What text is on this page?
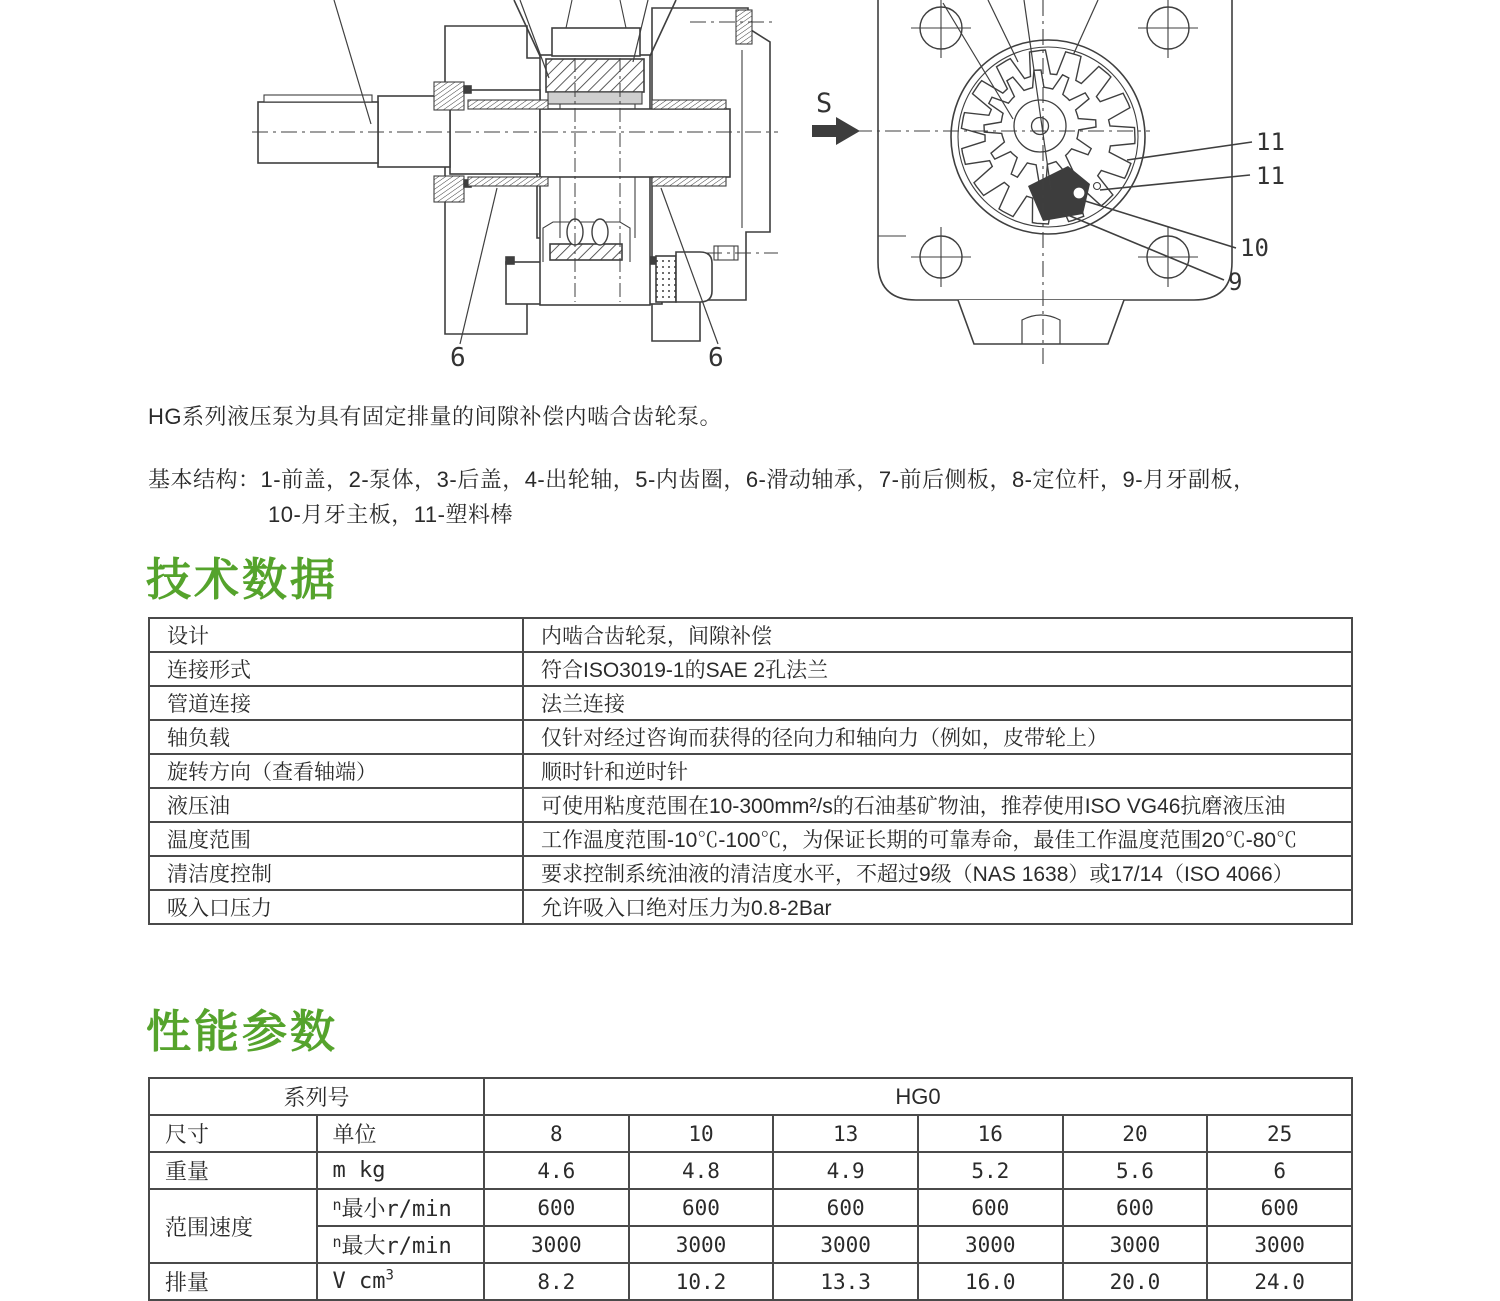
6	6
S
11
11
10
9
HG系列液压泵为具有固定排量的间隙补偿内啮合齿轮泵。
基本结构：1-前盖，2-泵体，3-后盖，4-出轮轴，5-内齿圈，6-滑动轴承，7-前后侧板，8-定位杆，9-月牙副板，
10-月牙主板，11-塑料棒
技术数据
设计	内啮合齿轮泵，间隙补偿
连接形式	符合ISO3019-1的SAE 2孔法兰
管道连接	法兰连接
轴负载	仅针对经过咨询而获得的径向力和轴向力（例如，皮带轮上）
旋转方向（查看轴端）	顺时针和逆时针
液压油	可使用粘度范围在10-300mm²/s的石油基矿物油，推荐使用ISO VG46抗磨液压油
温度范围	工作温度范围-10℃-100℃，为保证长期的可靠寿命，最佳工作温度范围20℃-80℃
清洁度控制	要求控制系统油液的清洁度水平，不超过9级（NAS 1638）或17/14（ISO 4066）
吸入口压力	允许吸入口绝对压力为0.8-2Bar
性能参数
系列号		HG0					
尺寸	单位	8	10	13	16	20	25
重量	m kg	4.6	4.8	4.9	5.2	5.6	6
范围速度	$^n$最小r/min	600	600	600	600	600	600
	$^n$最大r/min	3000	3000	3000	3000	3000	3000
排量	V $cm^3$	8.2	10.2	13.3	16.0	20.0	24.0
